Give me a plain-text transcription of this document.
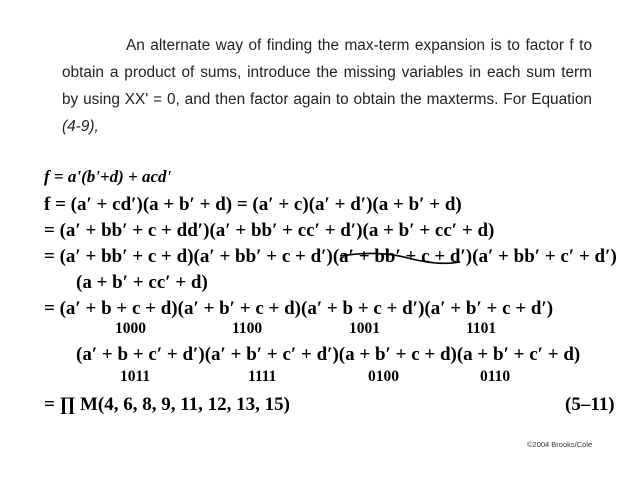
An alternate way of finding the max-term expansion is to factor f to obtain a product of sums, introduce the missing variables in each sum term by using XX' = 0, and then factor again to obtain the maxterms. For Equation (4-9),

f = a'(b'+d) + acd'
f = (a′ + cd′)(a + b′ + d) = (a′ + c)(a′ + d′)(a + b′ + d)
= (a′ + bb′ + c + dd′)(a′ + bb′ + cc′ + d′)(a + b′ + cc′ + d)
= (a′ + bb′ + c + d)(a′ + bb′ + c + d′)(a′ + bb′ + c + d′)(a′ + bb′ + c′ + d′)
(a + b′ + cc′ + d)
= (a′ + b + c + d)(a′ + b′ + c + d)(a′ + b + c + d′)(a′ + b′ + c + d′)
1000	1100	1001	1101
(a′ + b + c′ + d′)(a′ + b′ + c′ + d′)(a + b′ + c + d)(a + b′ + c′ + d)
1011	1111	0100	0110
= ∏ M(4, 6, 8, 9, 11, 12, 13, 15)	(5–11)
©2004 Brooks/Cole
